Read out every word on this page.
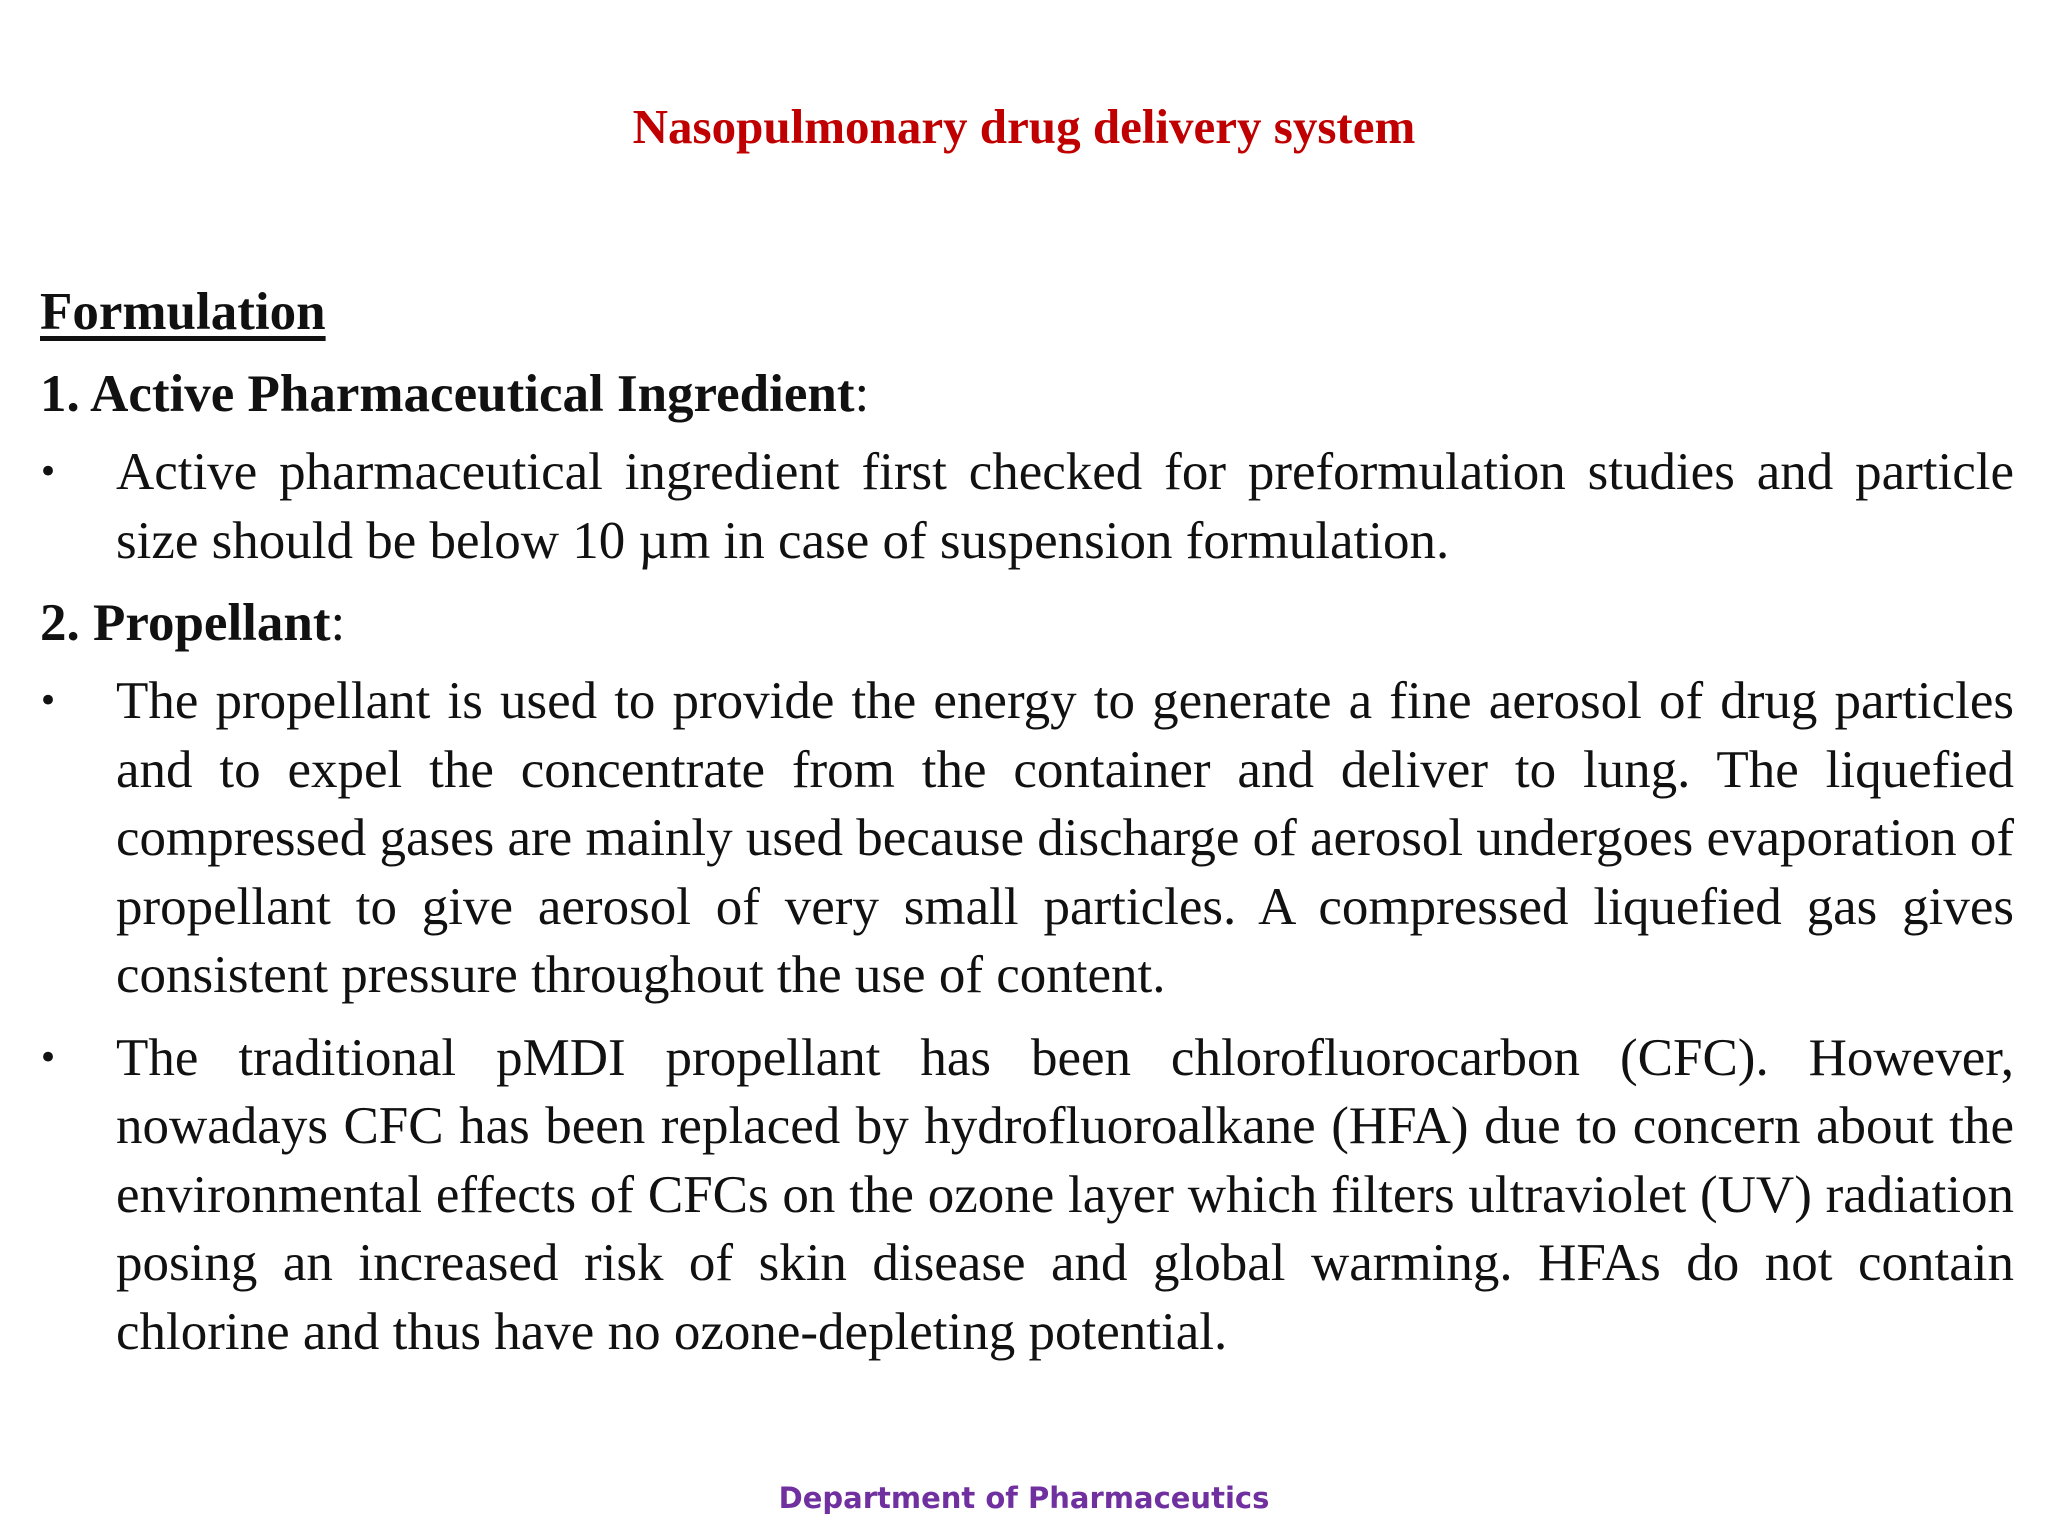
Nasopulmonary drug delivery system
Formulation
1. Active Pharmaceutical Ingredient:
•	Active pharmaceutical ingredient first checked for preformulation studies and particle size should be below 10 µm in case of suspension formulation.
2. Propellant:
•	The propellant is used to provide the energy to generate a fine aerosol of drug particles and to expel the concentrate from the container and deliver to lung. The liquefied compressed gases are mainly used because discharge of aerosol undergoes evaporation of propellant to give aerosol of very small particles. A compressed liquefied gas gives consistent pressure throughout the use of content.
•	The traditional pMDI propellant has been chlorofluorocarbon (CFC). However, nowadays CFC has been replaced by hydrofluoroalkane (HFA) due to concern about the environmental effects of CFCs on the ozone layer which filters ultraviolet (UV) radiation posing an increased risk of skin disease and global warming. HFAs do not contain chlorine and thus have no ozone-depleting potential.
Department of Pharmaceutics
